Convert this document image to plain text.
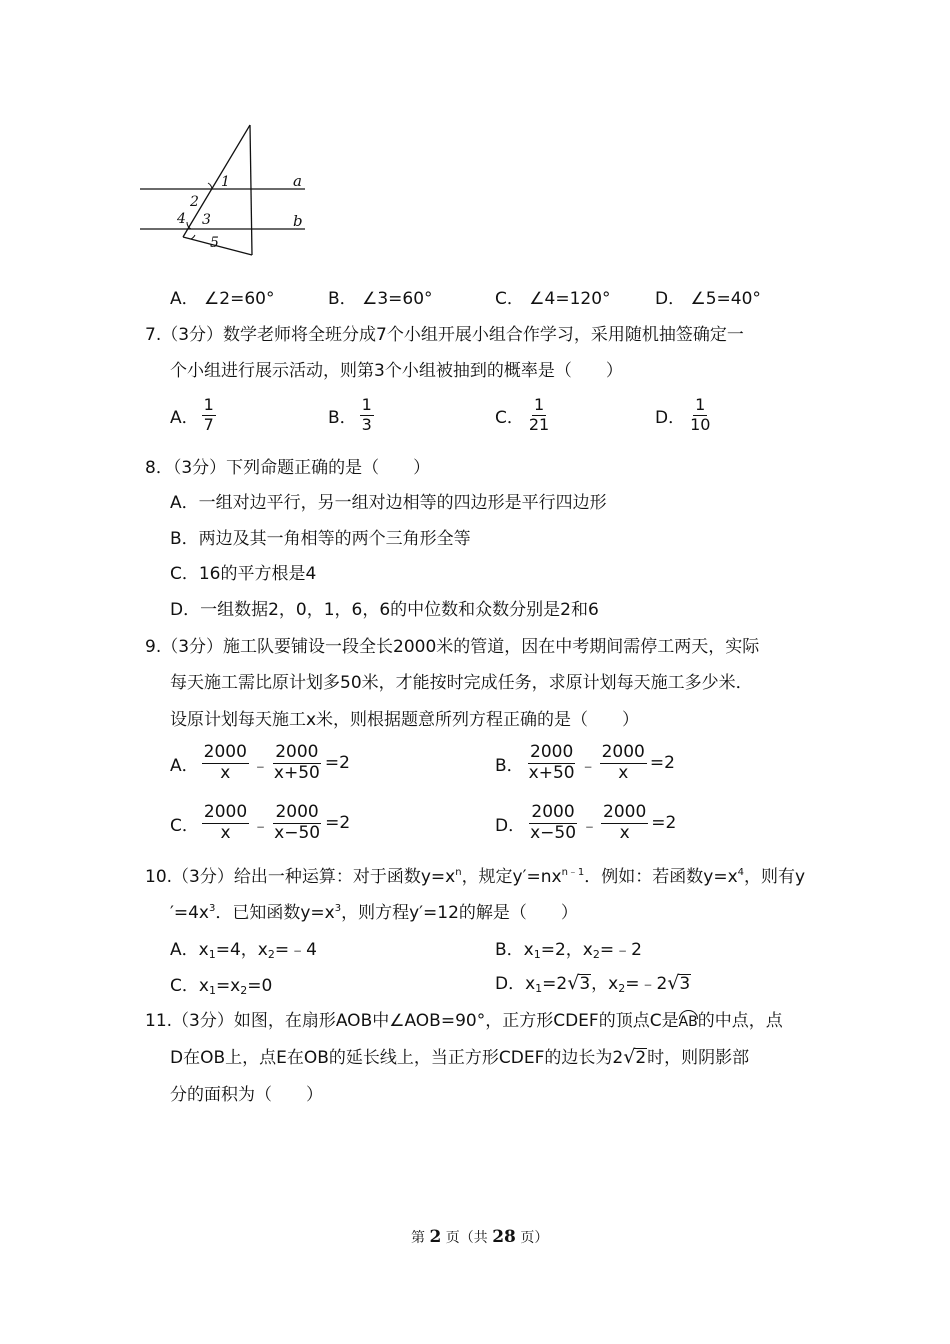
1
2
3
4
5
a
b
A． ∠2=60°	B． ∠3=60°	C． ∠4=120°	D． ∠5=40°
7.（3分）数学老师将全班分成7个小组开展小组合作学习，采用随机抽签确定一
个小组进行展示活动，则第3个小组被抽到的概率是（　　）
A． $\frac{1}{7}$	B． $\frac{1}{3}$	C． $\frac{1}{21}$	D． $\frac{1}{10}$
8．（3分）下列命题正确的是（　　）
A．一组对边平行，另一组对边相等的四边形是平行四边形
B．两边及其一角相等的两个三角形全等
C．16的平方根是4
D．一组数据2，0，1，6，6的中位数和众数分别是2和6
9.（3分）施工队要铺设一段全长2000米的管道，因在中考期间需停工两天，实际
每天施工需比原计划多50米，才能按时完成任务，求原计划每天施工多少米．
设原计划每天施工x米，则根据题意所列方程正确的是（　　）
A． $\frac{2000}{x}$ ﹣ $\frac{2000}{x+50} =2$	B． $\frac{2000}{x+50}$ ﹣ $\frac{2000}{x} =2$
C． $\frac{2000}{x}$ ﹣ $\frac{2000}{x-50} =2$	D． $\frac{2000}{x-50}$ ﹣ $\frac{2000}{x} =2$
10.（3分）给出一种运算：对于函数$y=x^n$，规定$y'=nx^{n﹣1}$．例如：若函数$y=x^4$，则有y
$'=4x^3$．已知函数$y=x^3$，则方程y′=12的解是（　　）
A．$x_1=4$，$x_2=﹣4$	B．$x_1=2$，$x_2=﹣2$
C．$x_1=x_2=0$	D．$x_1=2√3$，$x_2=﹣2√3$
11.（3分）如图，在扇形AOB中∠AOB=90°，正方形CDEF的顶点C是AB的中点，点
D在OB上，点E在OB的延长线上，当正方形CDEF的边长为2√2时，则阴影部
分的面积为（　　）
第 2 页（共 28 页）
